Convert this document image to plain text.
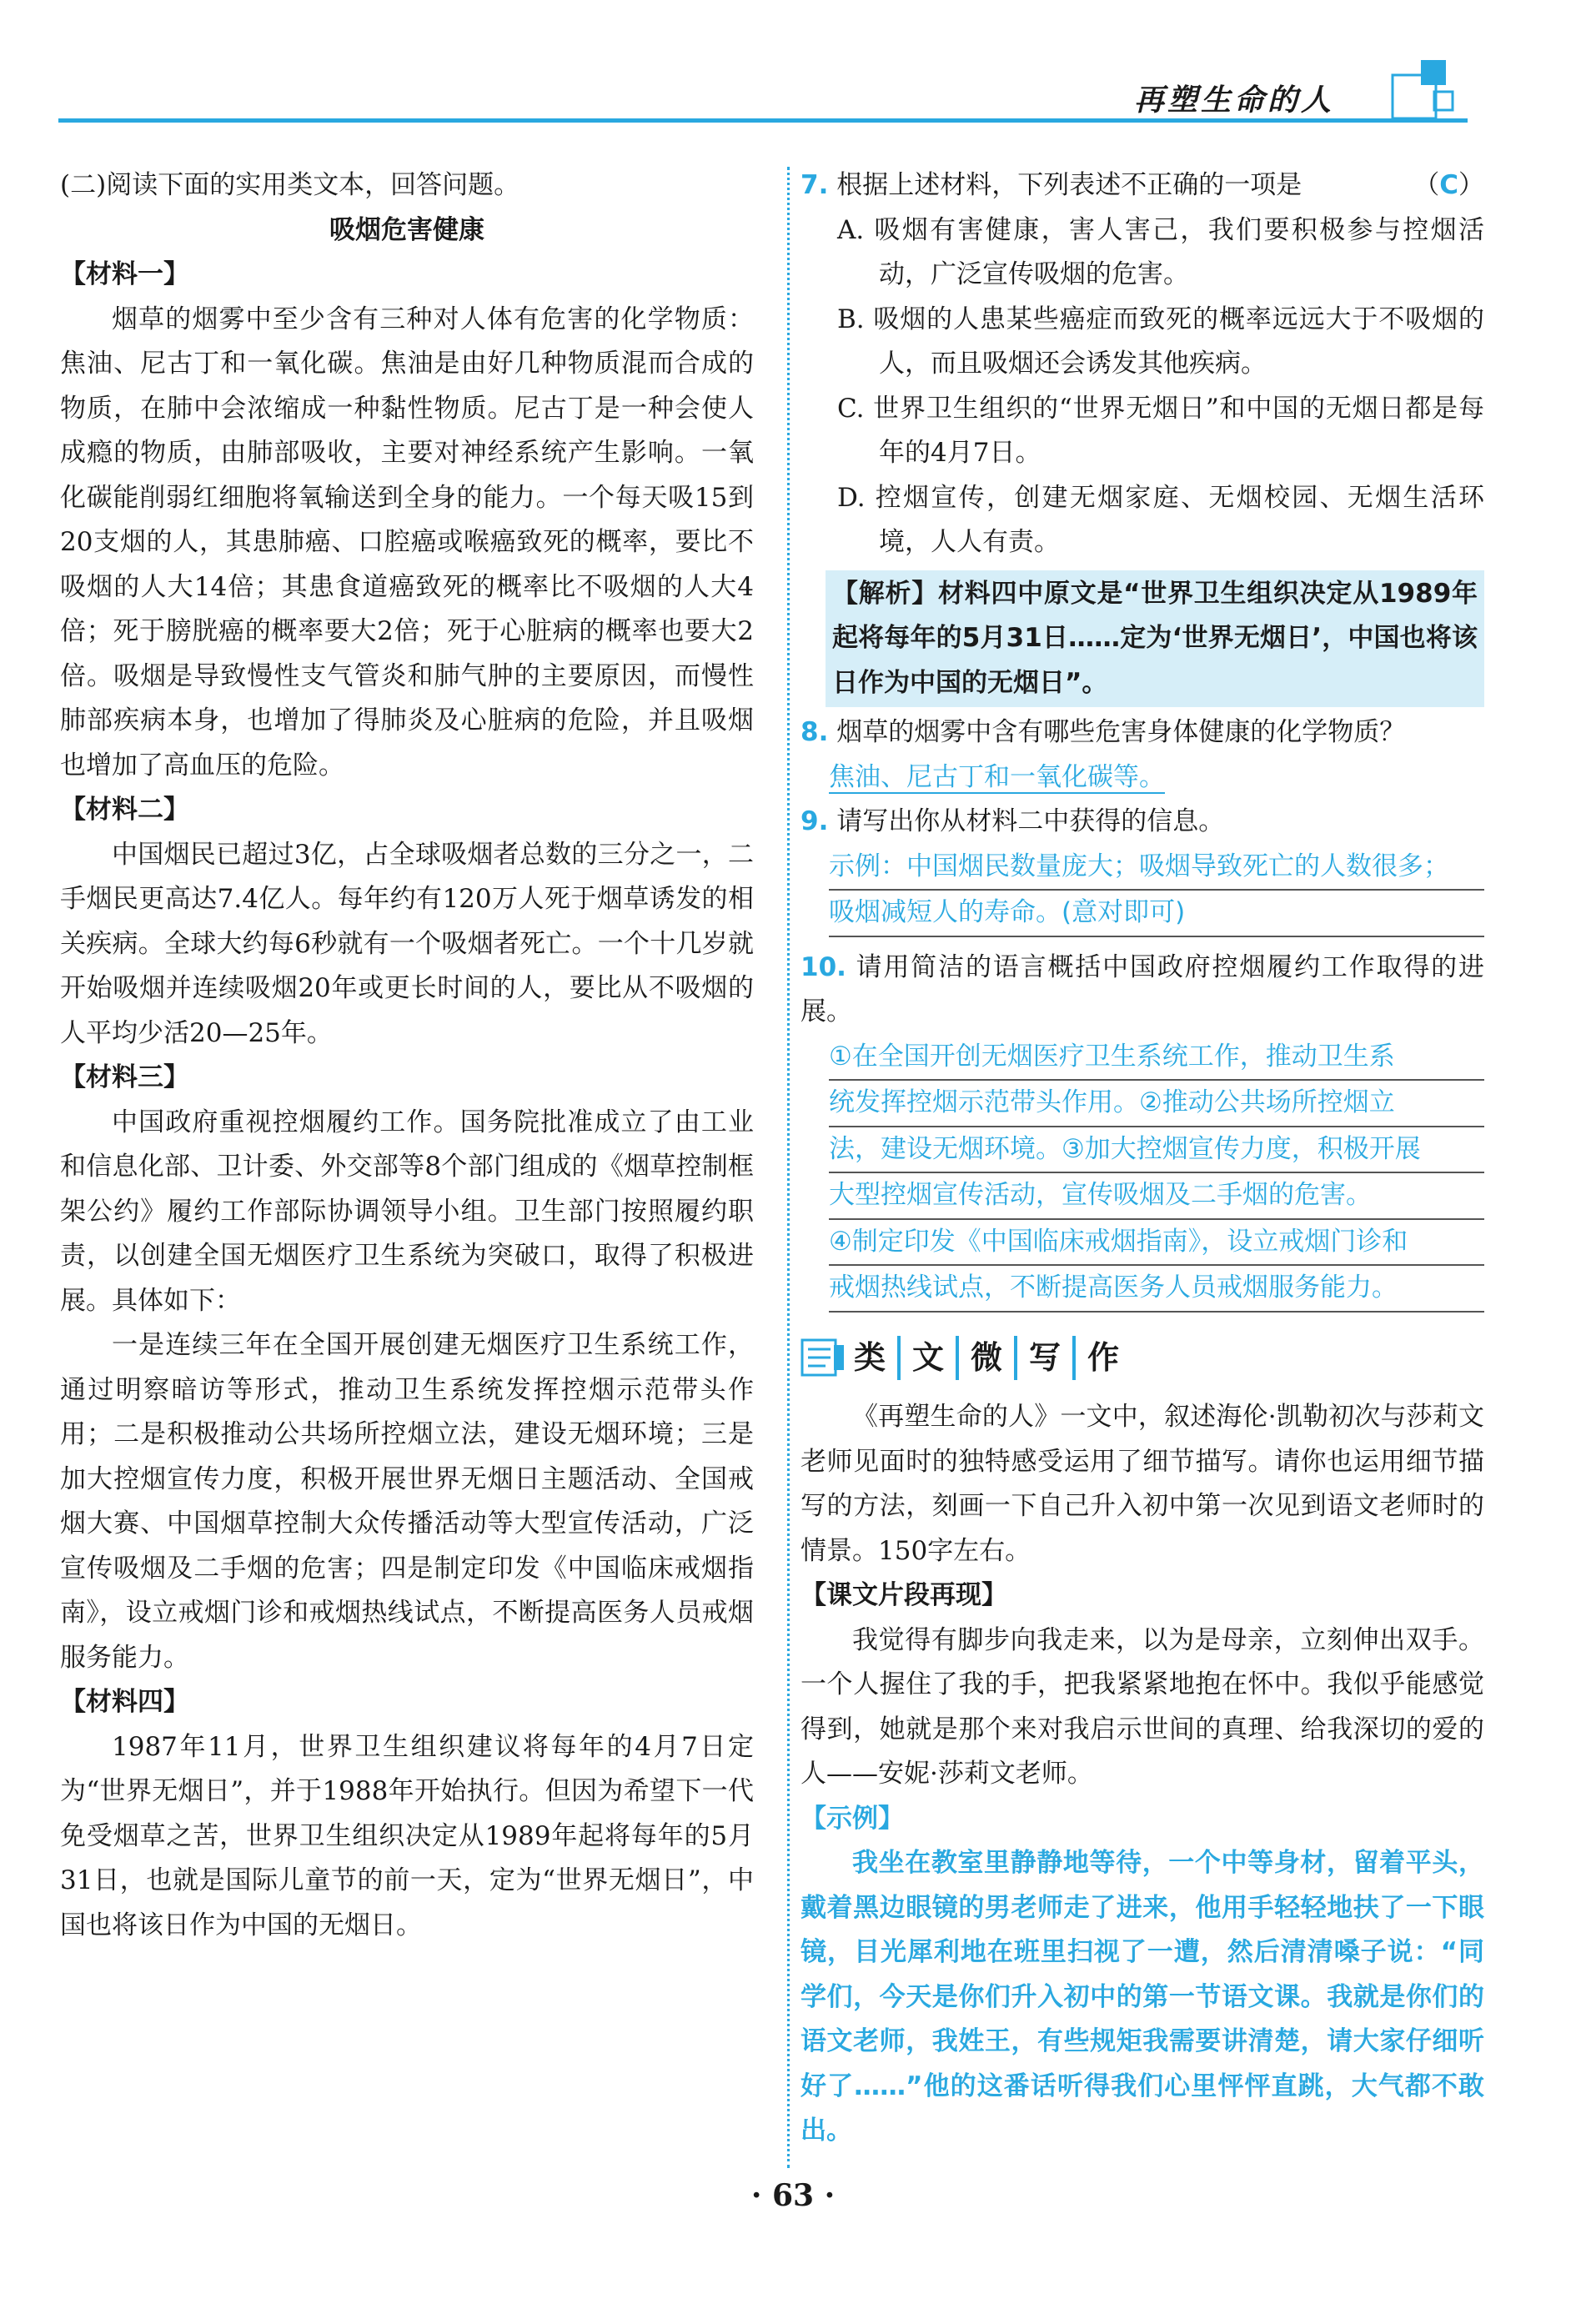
再塑生命的人

(二)阅读下面的实用类文本，回答问题。

吸烟危害健康

【材料一】

烟草的烟雾中至少含有三种对人体有危害的化学物质：焦油、尼古丁和一氧化碳。焦油是由好几种物质混而合成的物质，在肺中会浓缩成一种黏性物质。尼古丁是一种会使人成瘾的物质，由肺部吸收，主要对神经系统产生影响。一氧化碳能削弱红细胞将氧输送到全身的能力。一个每天吸15到20支烟的人，其患肺癌、口腔癌或喉癌致死的概率，要比不吸烟的人大14倍；其患食道癌致死的概率比不吸烟的人大4倍；死于膀胱癌的概率要大2倍；死于心脏病的概率也要大2倍。吸烟是导致慢性支气管炎和肺气肿的主要原因，而慢性肺部疾病本身，也增加了得肺炎及心脏病的危险，并且吸烟也增加了高血压的危险。

【材料二】

中国烟民已超过3亿，占全球吸烟者总数的三分之一，二手烟民更高达7.4亿人。每年约有120万人死于烟草诱发的相关疾病。全球大约每6秒就有一个吸烟者死亡。一个十几岁就开始吸烟并连续吸烟20年或更长时间的人，要比从不吸烟的人平均少活20—25年。

【材料三】

中国政府重视控烟履约工作。国务院批准成立了由工业和信息化部、卫计委、外交部等8个部门组成的《烟草控制框架公约》履约工作部际协调领导小组。卫生部门按照履约职责，以创建全国无烟医疗卫生系统为突破口，取得了积极进展。具体如下：

一是连续三年在全国开展创建无烟医疗卫生系统工作，通过明察暗访等形式，推动卫生系统发挥控烟示范带头作用；二是积极推动公共场所控烟立法，建设无烟环境；三是加大控烟宣传力度，积极开展世界无烟日主题活动、全国戒烟大赛、中国烟草控制大众传播活动等大型宣传活动，广泛宣传吸烟及二手烟的危害；四是制定印发《中国临床戒烟指南》，设立戒烟门诊和戒烟热线试点，不断提高医务人员戒烟服务能力。

【材料四】

1987年11月，世界卫生组织建议将每年的4月7日定为“世界无烟日”，并于1988年开始执行。但因为希望下一代免受烟草之苦，世界卫生组织决定从1989年起将每年的5月31日，也就是国际儿童节的前一天，定为“世界无烟日”，中国也将该日作为中国的无烟日。

7. 根据上述材料，下列表述不正确的一项是	（C）

A. 吸烟有害健康，害人害己，我们要积极参与控烟活动，广泛宣传吸烟的危害。

B. 吸烟的人患某些癌症而致死的概率远远大于不吸烟的人，而且吸烟还会诱发其他疾病。

C. 世界卫生组织的“世界无烟日”和中国的无烟日都是每年的4月7日。

D. 控烟宣传，创建无烟家庭、无烟校园、无烟生活环境，人人有责。

【解析】材料四中原文是“世界卫生组织决定从1989年起将每年的5月31日……定为‘世界无烟日’，中国也将该日作为中国的无烟日”。

8. 烟草的烟雾中含有哪些危害身体健康的化学物质？

焦油、尼古丁和一氧化碳等。

9. 请写出你从材料二中获得的信息。

示例：中国烟民数量庞大；吸烟导致死亡的人数很多；
吸烟减短人的寿命。(意对即可)

10. 请用简洁的语言概括中国政府控烟履约工作取得的进展。

①在全国开创无烟医疗卫生系统工作，推动卫生系
统发挥控烟示范带头作用。②推动公共场所控烟立
法，建设无烟环境。③加大控烟宣传力度，积极开展
大型控烟宣传活动，宣传吸烟及二手烟的危害。
④制定印发《中国临床戒烟指南》，设立戒烟门诊和
戒烟热线试点，不断提高医务人员戒烟服务能力。
类 文 微 写 作

《再塑生命的人》一文中，叙述海伦·凯勒初次与莎莉文老师见面时的独特感受运用了细节描写。请你也运用细节描写的方法，刻画一下自己升入初中第一次见到语文老师时的情景。150字左右。

【课文片段再现】

我觉得有脚步向我走来，以为是母亲，立刻伸出双手。一个人握住了我的手，把我紧紧地抱在怀中。我似乎能感觉得到，她就是那个来对我启示世间的真理、给我深切的爱的人——安妮·莎莉文老师。

【示例】

我坐在教室里静静地等待，一个中等身材，留着平头，戴着黑边眼镜的男老师走了进来，他用手轻轻地扶了一下眼镜，目光犀利地在班里扫视了一遭，然后清清嗓子说：“同学们，今天是你们升入初中的第一节语文课。我就是你们的语文老师，我姓王，有些规矩我需要讲清楚，请大家仔细听好了……”他的这番话听得我们心里怦怦直跳，大气都不敢出。

· 63 ·
